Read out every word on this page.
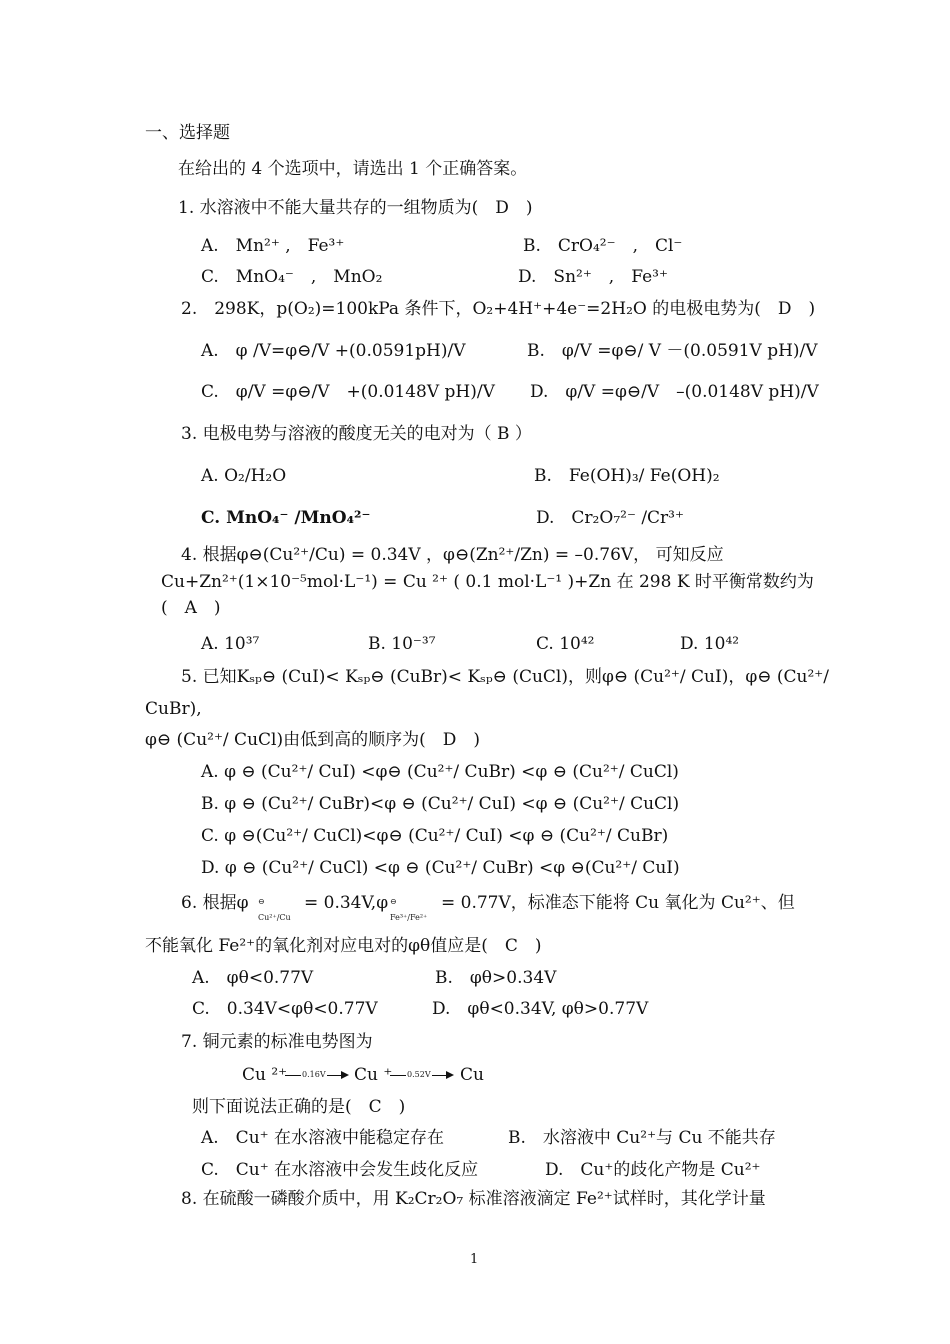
一、选择题
在给出的 4 个选项中，请选出 1 个正确答案。
1. 水溶液中不能大量共存的一组物质为(　D　)
A.　Mn²⁺ ,　Fe³⁺	B.　CrO₄²⁻　,　Cl⁻
C.　MnO₄⁻　,　MnO₂	D.　Sn²⁺　,　Fe³⁺
2.　298K，p(O₂)=100kPa 条件下，O₂+4H⁺+4e⁻=2H₂O 的电极电势为(　D　)
A.　φ /V=φ⊖/V +(0.0591pH)/V	B.　φ/V =φ⊖/ V －(0.0591V pH)/V
C.　φ/V =φ⊖/V　+(0.0148V pH)/V D.　φ/V =φ⊖/V　–(0.0148V pH)/V
3. 电极电势与溶液的酸度无关的电对为（ B ）
A. O₂/H₂O	B.　Fe(OH)₃/ Fe(OH)₂
C. MnO₄⁻ /MnO₄²⁻	D.　Cr₂O₇²⁻ /Cr³⁺
4. 根据φ⊖(Cu²⁺/Cu) = 0.34V ，φ⊖(Zn²⁺/Zn) = –0.76V， 可知反应
Cu+Zn²⁺(1×10⁻⁵mol·L⁻¹) = Cu ²⁺ ( 0.1 mol·L⁻¹ )+Zn 在 298 K 时平衡常数约为
(　A　)
A. 10³⁷	B. 10⁻³⁷	C. 10⁴²	D. 10⁴²
5. 已知Kₛₚ⊖ (CuI)< Kₛₚ⊖ (CuBr)< Kₛₚ⊖ (CuCl)，则φ⊖ (Cu²⁺/ CuI)，φ⊖ (Cu²⁺/
CuBr),
φ⊖ (Cu²⁺/ CuCl)由低到高的顺序为(　D　)
A. φ ⊖ (Cu²⁺/ CuI) <φ⊖ (Cu²⁺/ CuBr) <φ ⊖ (Cu²⁺/ CuCl)
B. φ ⊖ (Cu²⁺/ CuBr)<φ ⊖ (Cu²⁺/ CuI) <φ ⊖ (Cu²⁺/ CuCl)
C. φ ⊖(Cu²⁺/ CuCl)<φ⊖ (Cu²⁺/ CuI) <φ ⊖ (Cu²⁺/ CuBr)
D. φ ⊖ (Cu²⁺/ CuCl) <φ ⊖ (Cu²⁺/ CuBr) <φ ⊖(Cu²⁺/ CuI)
6. 根据φ ⊖
Cu²⁺/Cu
= 0.34V,φ ⊖
Fe³⁺/Fe²⁺
= 0.77V，标准态下能将 Cu 氧化为 Cu²⁺、但
不能氧化 Fe²⁺的氧化剂对应电对的φθ值应是(　C　)
A.　φθ<0.77V	B.　φθ>0.34V
C.　0.34V<φθ<0.77V	D.　φθ<0.34V, φθ>0.77V
7. 铜元素的标准电势图为
Cu ²⁺ 0.16V Cu ⁺ 0.52V Cu
则下面说法正确的是(　C　)
A.　Cu⁺ 在水溶液中能稳定存在	B.　水溶液中 Cu²⁺与 Cu 不能共存
C.　Cu⁺ 在水溶液中会发生歧化反应	D.　Cu⁺的歧化产物是 Cu²⁺
8. 在硫酸一磷酸介质中，用 K₂Cr₂O₇ 标准溶液滴定 Fe²⁺试样时，其化学计量
1
